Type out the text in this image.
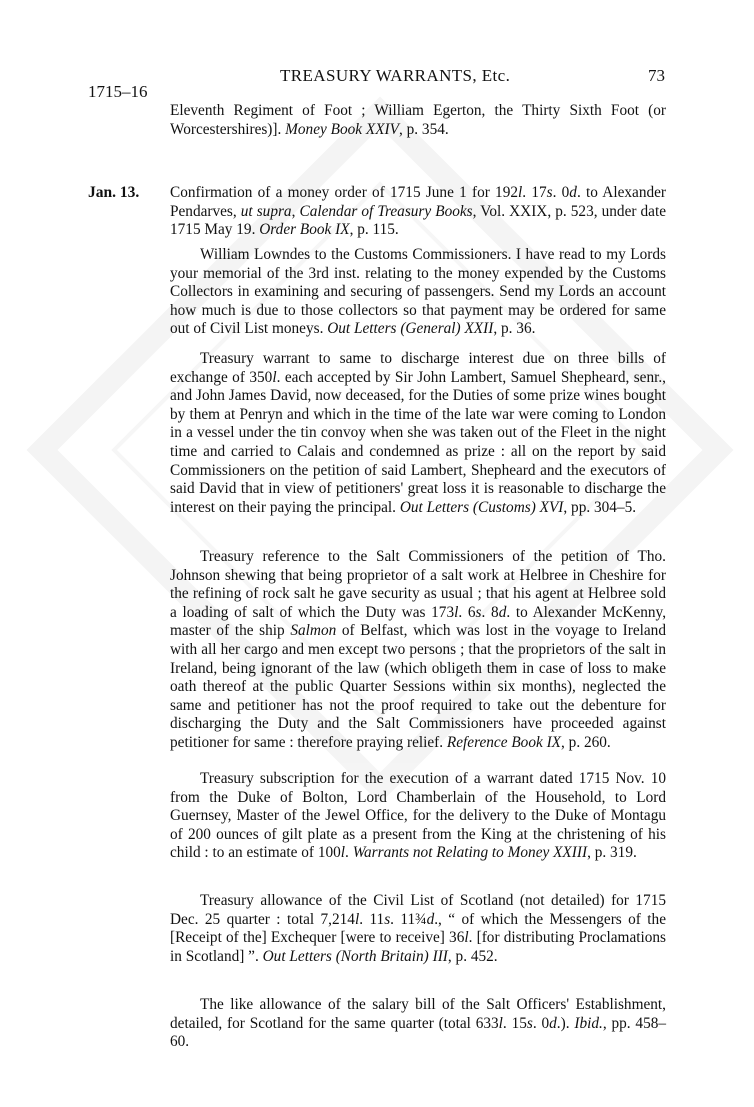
1715–16
TREASURY WARRANTS, Etc.	73
Jan. 13.

Eleventh Regiment of Foot ; William Egerton, the Thirty Sixth Foot (or Worcestershires)]. Money Book XXIV, p. 354.

Confirmation of a money order of 1715 June 1 for 192l. 17s. 0d. to Alexander Pendarves, ut supra, Calendar of Treasury Books, Vol. XXIX, p. 523, under date 1715 May 19. Order Book IX, p. 115.

William Lowndes to the Customs Commissioners. I have read to my Lords your memorial of the 3rd inst. relating to the money expended by the Customs Collectors in examining and securing of passengers. Send my Lords an account how much is due to those collectors so that payment may be ordered for same out of Civil List moneys. Out Letters (General) XXII, p. 36.

Treasury warrant to same to discharge interest due on three bills of exchange of 350l. each accepted by Sir John Lambert, Samuel Shepheard, senr., and John James David, now deceased, for the Duties of some prize wines bought by them at Penryn and which in the time of the late war were coming to London in a vessel under the tin convoy when she was taken out of the Fleet in the night time and carried to Calais and condemned as prize : all on the report by said Commissioners on the petition of said Lambert, Shepheard and the executors of said David that in view of petitioners' great loss it is reasonable to discharge the interest on their paying the principal. Out Letters (Customs) XVI, pp. 304–5.

Treasury reference to the Salt Commissioners of the petition of Tho. Johnson shewing that being proprietor of a salt work at Helbree in Cheshire for the refining of rock salt he gave security as usual ; that his agent at Helbree sold a loading of salt of which the Duty was 173l. 6s. 8d. to Alexander McKenny, master of the ship Salmon of Belfast, which was lost in the voyage to Ireland with all her cargo and men except two persons ; that the proprietors of the salt in Ireland, being ignorant of the law (which obligeth them in case of loss to make oath thereof at the public Quarter Sessions within six months), neglected the same and petitioner has not the proof required to take out the debenture for discharging the Duty and the Salt Commissioners have proceeded against petitioner for same : therefore praying relief. Reference Book IX, p. 260.

Treasury subscription for the execution of a warrant dated 1715 Nov. 10 from the Duke of Bolton, Lord Chamberlain of the Household, to Lord Guernsey, Master of the Jewel Office, for the delivery to the Duke of Montagu of 200 ounces of gilt plate as a present from the King at the christening of his child : to an estimate of 100l. Warrants not Relating to Money XXIII, p. 319.

Treasury allowance of the Civil List of Scotland (not detailed) for 1715 Dec. 25 quarter : total 7,214l. 11s. 11¾d., “ of which the Messengers of the [Receipt of the] Exchequer [were to receive] 36l. [for distributing Proclamations in Scotland] ”. Out Letters (North Britain) III, p. 452.

The like allowance of the salary bill of the Salt Officers' Establishment, detailed, for Scotland for the same quarter (total 633l. 15s. 0d.). Ibid., pp. 458–60.
